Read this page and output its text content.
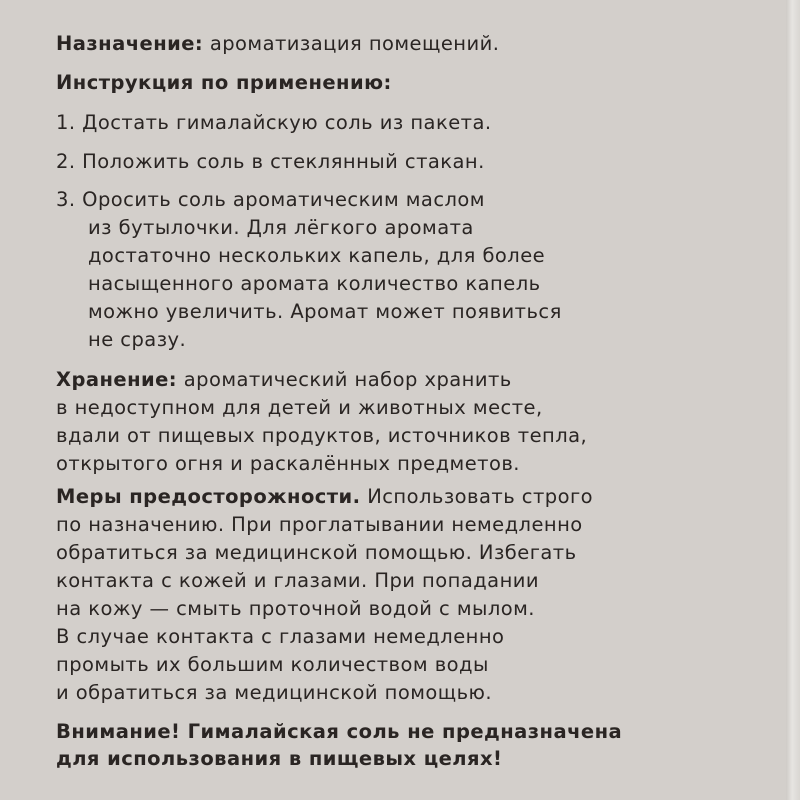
Назначение: ароматизация помещений.
Инструкция по применению:
1. Достать гималайскую соль из пакета.
2. Положить соль в стеклянный стакан.
3. Оросить соль ароматическим маслом
из бутылочки. Для лёгкого аромата
достаточно нескольких капель, для более
насыщенного аромата количество капель
можно увеличить. Аромат может появиться
не сразу.
Хранение: ароматический набор хранить
в недоступном для детей и животных месте,
вдали от пищевых продуктов, источников тепла,
открытого огня и раскалённых предметов.
Меры предосторожности. Использовать строго
по назначению. При проглатывании немедленно
обратиться за медицинской помощью. Избегать
контакта с кожей и глазами. При попадании
на кожу — смыть проточной водой с мылом.
В случае контакта с глазами немедленно
промыть их большим количеством воды
и обратиться за медицинской помощью.
Внимание! Гималайская соль не предназначена
для использования в пищевых целях!
